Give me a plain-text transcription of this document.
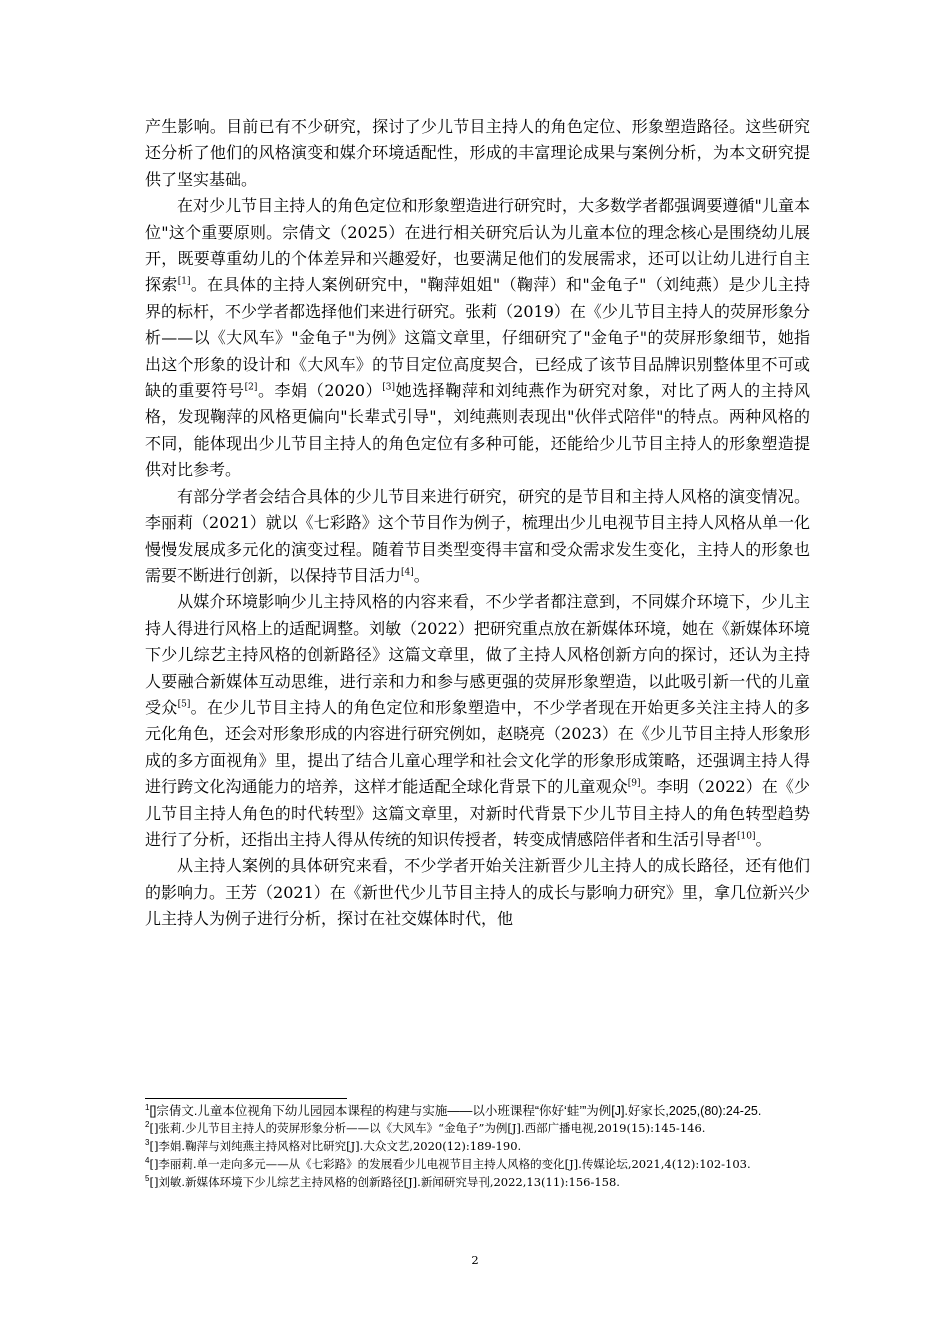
产生影响。目前已有不少研究，探讨了少儿节目主持人的角色定位、形象塑造路径。这些研究还分析了他们的风格演变和媒介环境适配性，形成的丰富理论成果与案例分析，为本文研究提供了坚实基础。

在对少儿节目主持人的角色定位和形象塑造进行研究时，大多数学者都强调要遵循"儿童本位"这个重要原则。宗倩文（2025）在进行相关研究后认为儿童本位的理念核心是围绕幼儿展开，既要尊重幼儿的个体差异和兴趣爱好，也要满足他们的发展需求，还可以让幼儿进行自主探索[1]。在具体的主持人案例研究中，"鞠萍姐姐"（鞠萍）和"金龟子"（刘纯燕）是少儿主持界的标杆，不少学者都选择他们来进行研究。张莉（2019）在《少儿节目主持人的荧屏形象分析——以《大风车》"金龟子"为例》这篇文章里，仔细研究了"金龟子"的荧屏形象细节，她指出这个形象的设计和《大风车》的节目定位高度契合，已经成了该节目品牌识别整体里不可或缺的重要符号[2]。李娟（2020）[3]她选择鞠萍和刘纯燕作为研究对象，对比了两人的主持风格，发现鞠萍的风格更偏向"长辈式引导"，刘纯燕则表现出"伙伴式陪伴"的特点。两种风格的不同，能体现出少儿节目主持人的角色定位有多种可能，还能给少儿节目主持人的形象塑造提供对比参考。

有部分学者会结合具体的少儿节目来进行研究，研究的是节目和主持人风格的演变情况。李丽莉（2021）就以《七彩路》这个节目作为例子，梳理出少儿电视节目主持人风格从单一化慢慢发展成多元化的演变过程。随着节目类型变得丰富和受众需求发生变化，主持人的形象也需要不断进行创新，以保持节目活力[4]。

从媒介环境影响少儿主持风格的内容来看，不少学者都注意到，不同媒介环境下，少儿主持人得进行风格上的适配调整。刘敏（2022）把研究重点放在新媒体环境，她在《新媒体环境下少儿综艺主持风格的创新路径》这篇文章里，做了主持人风格创新方向的探讨，还认为主持人要融合新媒体互动思维，进行亲和力和参与感更强的荧屏形象塑造，以此吸引新一代的儿童受众[5]。在少儿节目主持人的角色定位和形象塑造中，不少学者现在开始更多关注主持人的多元化角色，还会对形象形成的内容进行研究例如，赵晓亮（2023）在《少儿节目主持人形象形成的多方面视角》里，提出了结合儿童心理学和社会文化学的形象形成策略，还强调主持人得进行跨文化沟通能力的培养，这样才能适配全球化背景下的儿童观众[9]。李明（2022）在《少儿节目主持人角色的时代转型》这篇文章里，对新时代背景下少儿节目主持人的角色转型趋势进行了分析，还指出主持人得从传统的知识传授者，转变成情感陪伴者和生活引导者[10]。

从主持人案例的具体研究来看，不少学者开始关注新晋少儿主持人的成长路径，还有他们的影响力。王芳（2021）在《新世代少儿节目主持人的成长与影响力研究》里，拿几位新兴少儿主持人为例子进行分析，探讨在社交媒体时代，他

$^1$[]宗倩文.儿童本位视角下幼儿园园本课程的构建与实施——以小班课程“你好‘蛙’”为例[J].好家长,2025,(80):24-25.
$^2$[]张莉.少儿节目主持人的荧屏形象分析——以《大风车》“金龟子”为例[J].西部广播电视,2019(15):145-146.
$^3$[]李娟.鞠萍与刘纯燕主持风格对比研究[J].大众文艺,2020(12):189-190.
$^4$[]李丽莉.单一走向多元——从《七彩路》的发展看少儿电视节目主持人风格的变化[J].传媒论坛,2021,4(12):102-103.
$^5$[]刘敏.新媒体环境下少儿综艺主持风格的创新路径[J].新闻研究导刊,2022,13(11):156-158.
2
